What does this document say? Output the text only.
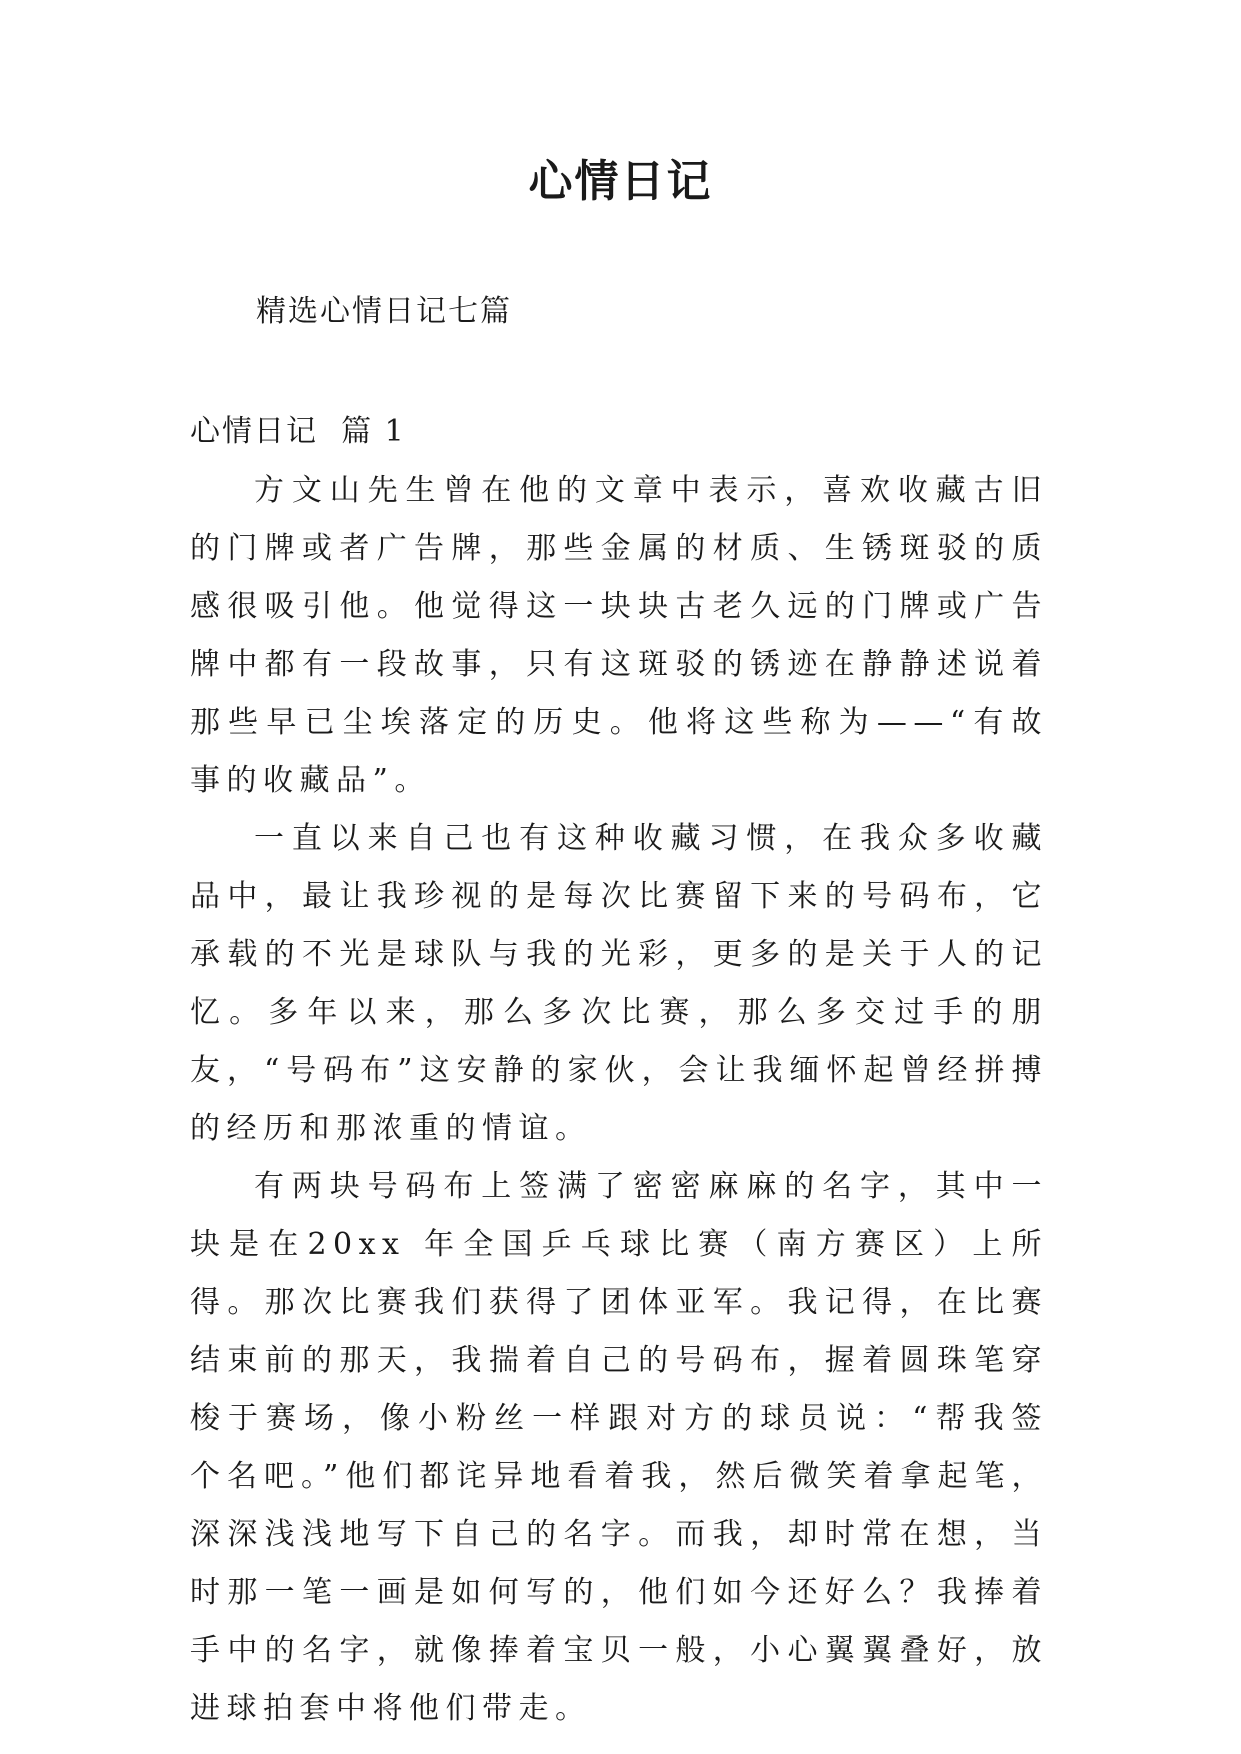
心情日记

精选心情日记七篇

心情日记  篇 1

方文山先生曾在他的文章中表示，喜欢收藏古旧的门牌或者广告牌，那些金属的材质、生锈斑驳的质感很吸引他。他觉得这一块块古老久远的门牌或广告牌中都有一段故事，只有这斑驳的锈迹在静静述说着那些早已尘埃落定的历史。他将这些称为——“有故事的收藏品”。

一直以来自己也有这种收藏习惯，在我众多收藏品中，最让我珍视的是每次比赛留下来的号码布，它承载的不光是球队与我的光彩，更多的是关于人的记忆。多年以来，那么多次比赛，那么多交过手的朋友，“号码布”这安静的家伙，会让我缅怀起曾经拼搏的经历和那浓重的情谊。

有两块号码布上签满了密密麻麻的名字，其中一块是在20xx 年全国乒乓球比赛（南方赛区）上所得。那次比赛我们获得了团体亚军。我记得，在比赛结束前的那天，我揣着自己的号码布，握着圆珠笔穿梭于赛场，像小粉丝一样跟对方的球员说：“帮我签个名吧。”他们都诧异地看着我，然后微笑着拿起笔，深深浅浅地写下自己的名字。而我，却时常在想，当时那一笔一画是如何写的，他们如今还好么？我捧着手中的名字，就像捧着宝贝一般，小心翼翼叠好，放进球拍套中将他们带走。
